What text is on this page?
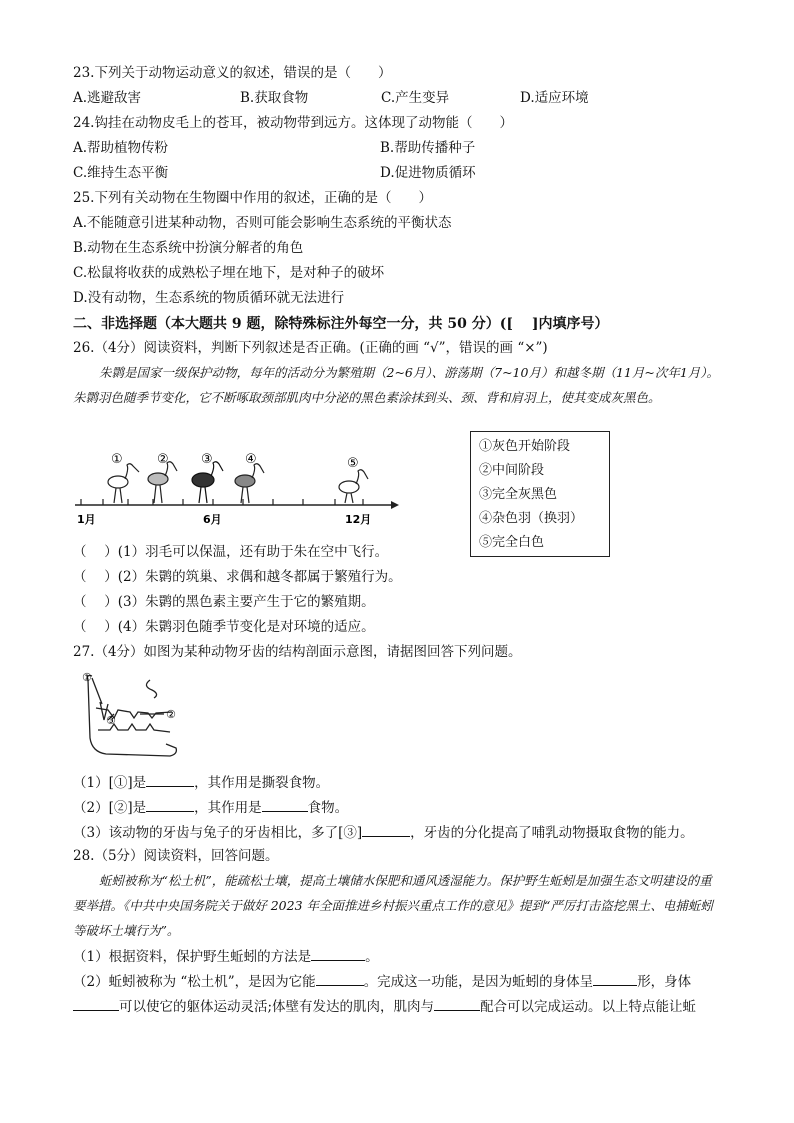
23.下列关于动物运动意义的叙述，错误的是（　　）
A.逃避敌害	B.获取食物	C.产生变异	D.适应环境
24.钩挂在动物皮毛上的苍耳，被动物带到远方。这体现了动物能（　　）
A.帮助植物传粉	B.帮助传播种子
C.维持生态平衡	D.促进物质循环
25.下列有关动物在生物圈中作用的叙述，正确的是（　　）
A.不能随意引进某种动物，否则可能会影响生态系统的平衡状态
B.动物在生态系统中扮演分解者的角色
C.松鼠将收获的成熟松子埋在地下，是对种子的破坏
D.没有动物，生态系统的物质循环就无法进行
二、非选择题（本大题共 9 题，除特殊标注外每空一分，共 50 分）([　 ]内填序号）
26.（4分）阅读资料，判断下列叙述是否正确。(正确的画 “√”，错误的画 “×”)
朱鹮是国家一级保护动物，每年的活动分为繁殖期（2~6月）、游荡期（7~10月）和越冬期（11月~次年1月）。朱鹮羽色随季节变化，它不断啄取颈部肌肉中分泌的黑色素涂抹到头、颈、背和肩羽上，使其变成灰黑色。
①	② ③ ④	⑤
1月	6月	12月
①灰色开始阶段
②中间阶段
③完全灰黑色
④杂色羽（换羽）
⑤完全白色
（　 ）(1）羽毛可以保温，还有助于朱在空中飞行。
（　 ）(2）朱鹮的筑巢、求偶和越冬都属于繁殖行为。
（　 ）(3）朱鹮的黑色素主要产生于它的繁殖期。
（　 ）(4）朱鹮羽色随季节变化是对环境的适应。
27.（4分）如图为某种动物牙齿的结构剖面示意图，请据图回答下列问题。
①
②
③
（1）[①]是	，其作用是撕裂食物。
（2）[②]是	，其作用是	食物。
（3）该动物的牙齿与兔子的牙齿相比，多了[③]	，牙齿的分化提高了哺乳动物摄取食物的能力。
28.（5分）阅读资料，回答问题。
蚯蚓被称为“松土机”，能疏松土壤，提高土壤储水保肥和通风透湿能力。保护野生蚯蚓是加强生态文明建设的重要举措。《中共中央国务院关于做好 2023 年全面推进乡村振兴重点工作的意见》提到“严厉打击盗挖黑土、电捕蚯蚓等破坏土壤行为”。
（1）根据资料，保护野生蚯蚓的方法是	。
（2）蚯蚓被称为 “松土机”，是因为它能	。完成这一功能，是因为蚯蚓的身体呈	形，身体
可以使它的躯体运动灵活;体壁有发达的肌肉，肌肉与	配合可以完成运动。以上特点能让蚯
